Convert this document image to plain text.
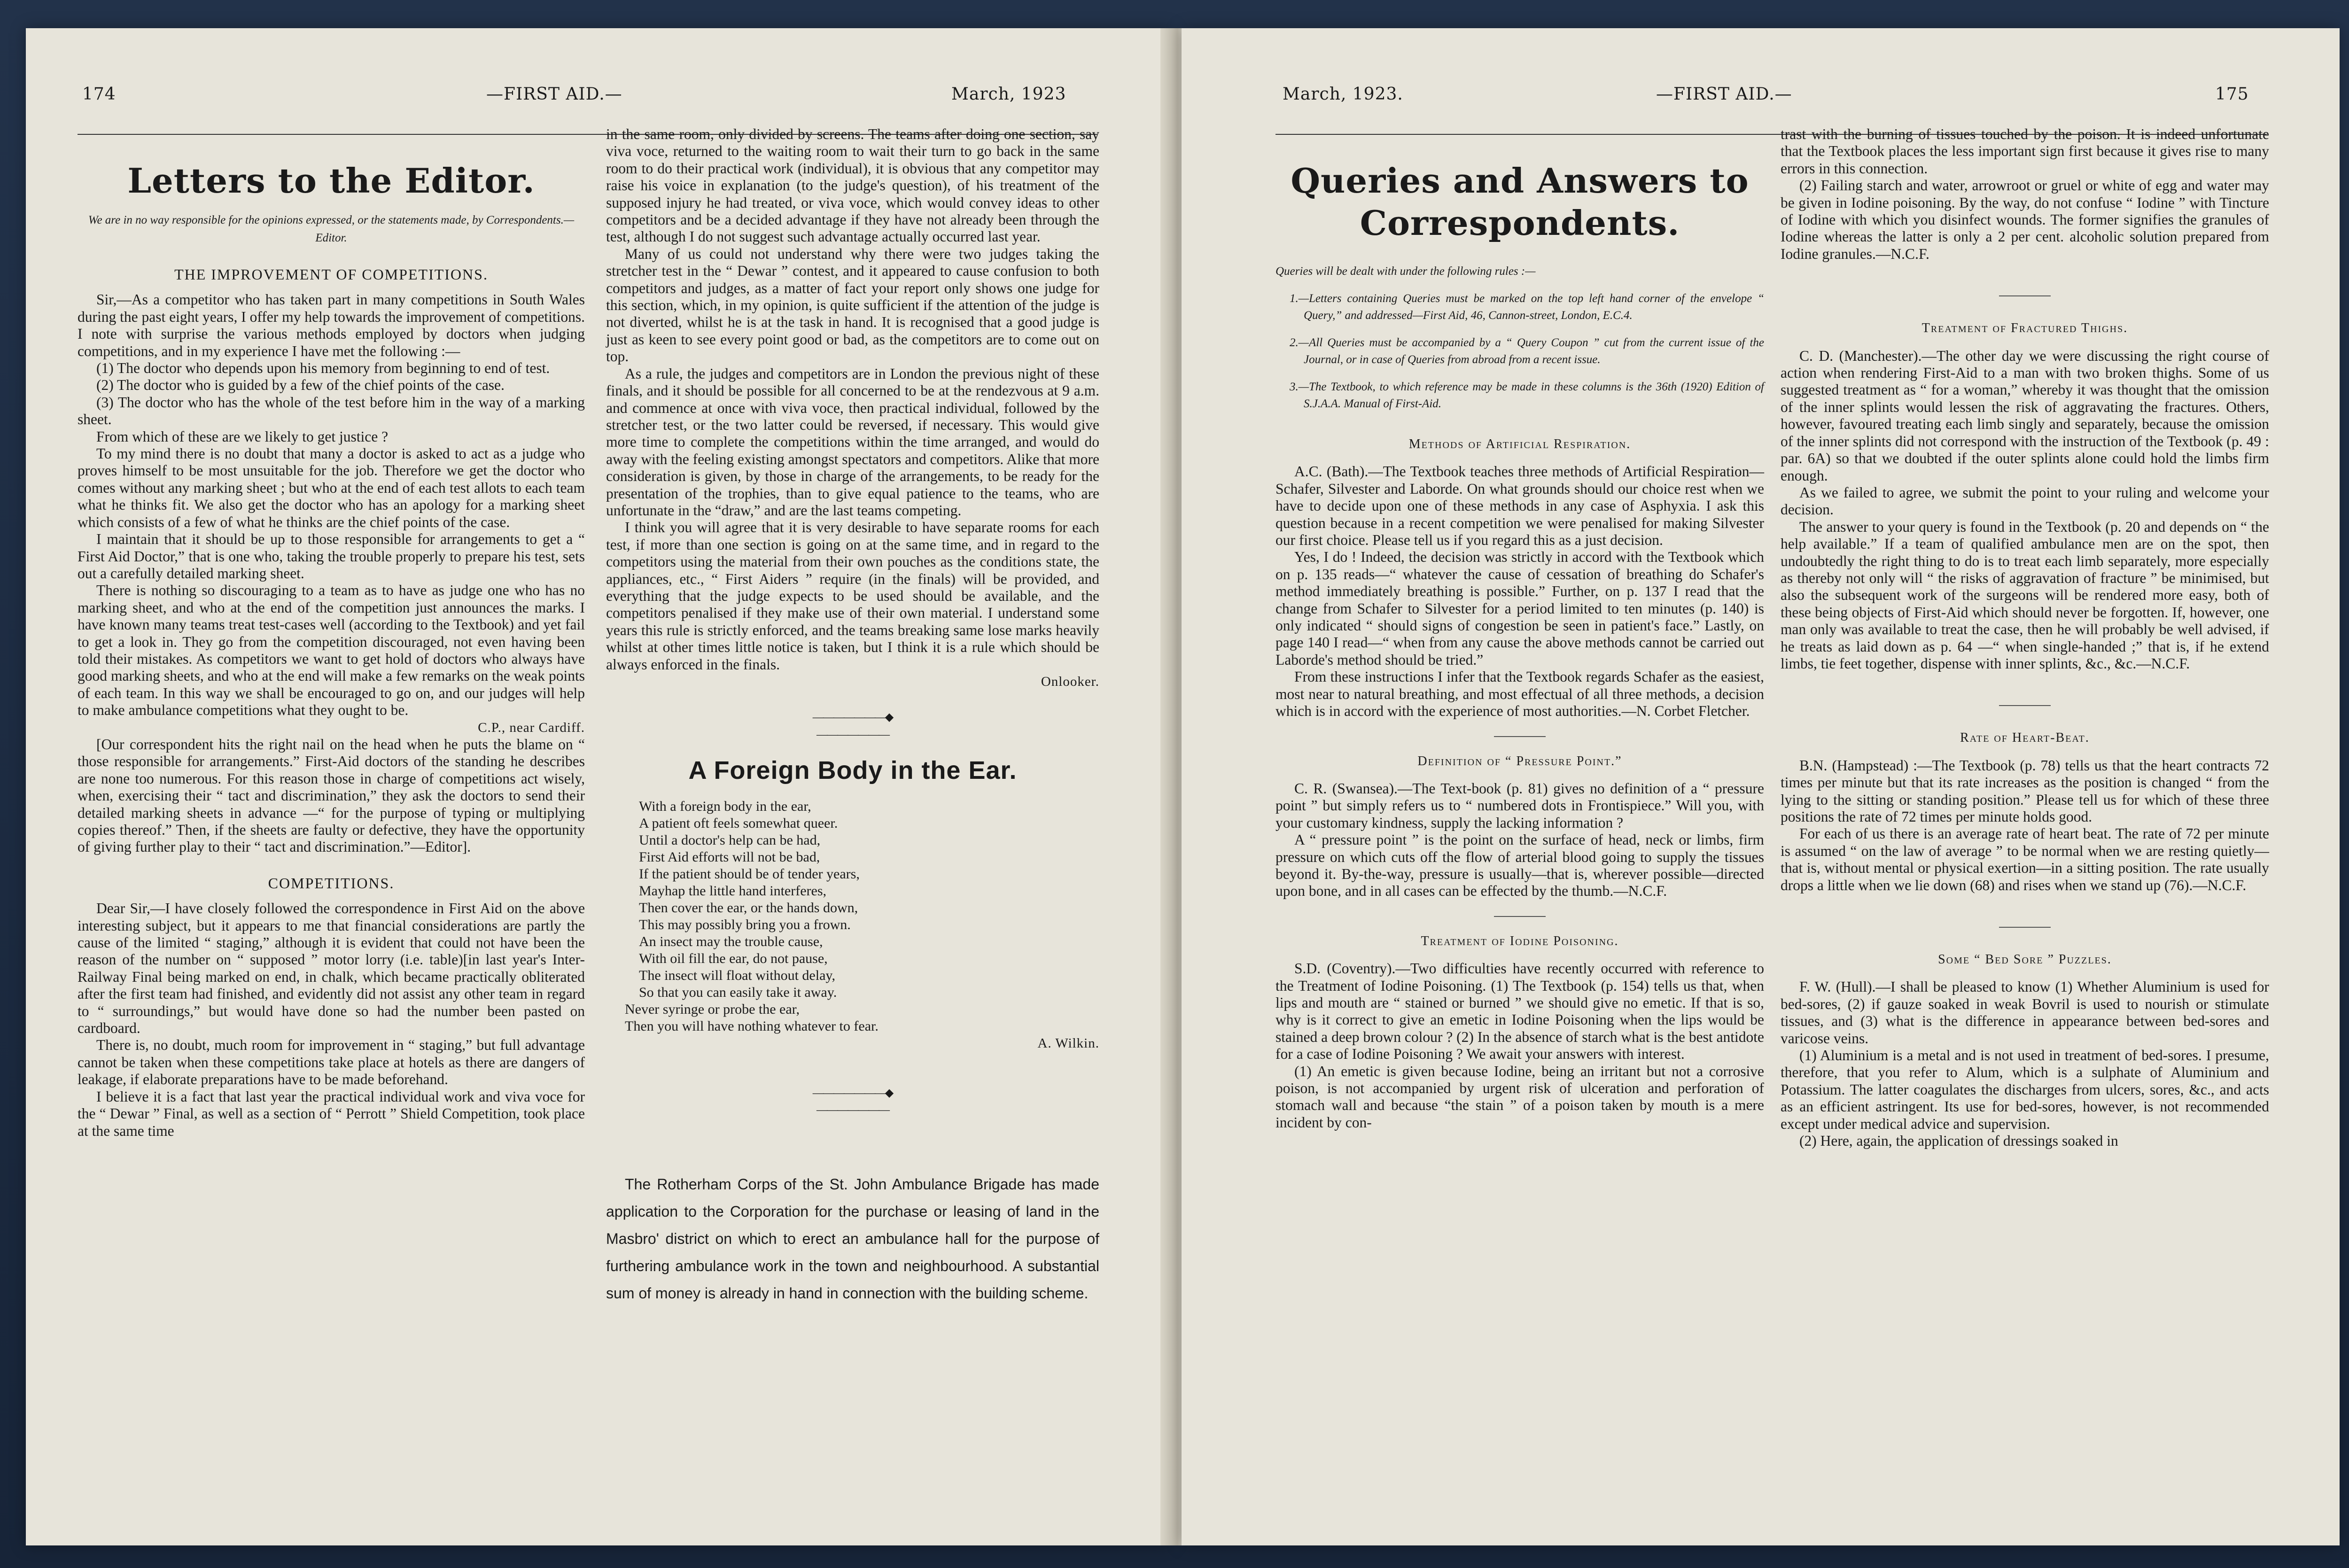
174	—FIRST AID.—	March, 1923
Letters to the Editor.
We are in no way responsible for the opinions expressed, or the statements made, by Correspondents.—Editor.
THE IMPROVEMENT OF COMPETITIONS.

Sir,—As a competitor who has taken part in many competitions in South Wales during the past eight years, I offer my help towards the improvement of competitions. I note with surprise the various methods employed by doctors when judging competitions, and in my experience I have met the following :—

(1) The doctor who depends upon his memory from beginning to end of test.

(2) The doctor who is guided by a few of the chief points of the case.

(3) The doctor who has the whole of the test before him in the way of a marking sheet.

From which of these are we likely to get justice ?

To my mind there is no doubt that many a doctor is asked to act as a judge who proves himself to be most unsuitable for the job. Therefore we get the doctor who comes without any marking sheet ; but who at the end of each test allots to each team what he thinks fit. We also get the doctor who has an apology for a marking sheet which consists of a few of what he thinks are the chief points of the case.

I maintain that it should be up to those responsible for arrangements to get a “ First Aid Doctor,” that is one who, taking the trouble properly to prepare his test, sets out a carefully detailed marking sheet.

There is nothing so discouraging to a team as to have as judge one who has no marking sheet, and who at the end of the competition just announces the marks. I have known many teams treat test-cases well (according to the Textbook) and yet fail to get a look in. They go from the competition discouraged, not even having been told their mistakes. As competitors we want to get hold of doctors who always have good marking sheets, and who at the end will make a few remarks on the weak points of each team. In this way we shall be encouraged to go on, and our judges will help to make ambulance competitions what they ought to be.

C.P., near Cardiff.

[Our correspondent hits the right nail on the head when he puts the blame on “ those responsible for arrangements.” First-Aid doctors of the standing he describes are none too numerous. For this reason those in charge of competitions act wisely, when, exercising their “ tact and discrimination,” they ask the doctors to send their detailed marking sheets in advance —“ for the purpose of typing or multiplying copies thereof.” Then, if the sheets are faulty or defective, they have the opportunity of giving further play to their “ tact and discrimination.”—Editor].

COMPETITIONS.

Dear Sir,—I have closely followed the correspondence in First Aid on the above interesting subject, but it appears to me that financial considerations are partly the cause of the limited “ staging,” although it is evident that could not have been the reason of the number on “ supposed ” motor lorry (i.e. table)[in last year's Inter-Railway Final being marked on end, in chalk, which became practically obliterated after the first team had finished, and evidently did not assist any other team in regard to “ surroundings,” but would have done so had the number been pasted on cardboard.

There is, no doubt, much room for improvement in “ staging,” but full advantage cannot be taken when these competitions take place at hotels as there are dangers of leakage, if elaborate preparations have to be made beforehand.

I believe it is a fact that last year the practical individual work and viva voce for the “ Dewar ” Final, as well as a section of “ Perrott ” Shield Competition, took place at the same time

in the same room, only divided by screens. The teams after doing one section, say viva voce, returned to the waiting room to wait their turn to go back in the same room to do their practical work (individual), it is obvious that any competitor may raise his voice in explanation (to the judge's question), of his treatment of the supposed injury he had treated, or viva voce, which would convey ideas to other competitors and be a decided advantage if they have not already been through the test, although I do not suggest such advantage actually occurred last year.

Many of us could not understand why there were two judges taking the stretcher test in the “ Dewar ” contest, and it appeared to cause confusion to both competitors and judges, as a matter of fact your report only shows one judge for this section, which, in my opinion, is quite sufficient if the attention of the judge is not diverted, whilst he is at the task in hand. It is recognised that a good judge is just as keen to see every point good or bad, as the competitors are to come out on top.

As a rule, the judges and competitors are in London the previous night of these finals, and it should be possible for all concerned to be at the rendezvous at 9 a.m. and commence at once with viva voce, then practical individual, followed by the stretcher test, or the two latter could be reversed, if necessary. This would give more time to complete the competitions within the time arranged, and would do away with the feeling existing amongst spectators and competitors. Alike that more consideration is given, by those in charge of the arrangements, to be ready for the presentation of the trophies, than to give equal patience to the teams, who are unfortunate in the “draw,” and are the last teams competing.

I think you will agree that it is very desirable to have separate rooms for each test, if more than one section is going on at the same time, and in regard to the competitors using the material from their own pouches as the conditions state, the appliances, etc., “ First Aiders ” require (in the finals) will be provided, and everything that the judge expects to be used should be available, and the competitors penalised if they make use of their own material. I understand some years this rule is strictly enforced, and the teams breaking same lose marks heavily whilst at other times little notice is taken, but I think it is a rule which should be always enforced in the finals.

Onlooker.
———————◆———————
A Foreign Body in the Ear.
With a foreign body in the ear,
A patient oft feels somewhat queer.
Until a doctor's help can be had,
First Aid efforts will not be bad,
If the patient should be of tender years,
Mayhap the little hand interferes,
Then cover the ear, or the hands down,
This may possibly bring you a frown.
An insect may the trouble cause,
With oil fill the ear, do not pause,
The insect will float without delay,
So that you can easily take it away.
Never syringe or probe the ear,
Then you will have nothing whatever to fear.
A. Wilkin.
———————◆———————

The Rotherham Corps of the St. John Ambulance Brigade has made application to the Corporation for the purchase or leasing of land in the Masbro' district on which to erect an ambulance hall for the purpose of furthering ambulance work in the town and neighbourhood. A substantial sum of money is already in hand in connection with the building scheme.

March, 1923.	—FIRST AID.—	175
Queries and Answers to
Correspondents.

Queries will be dealt with under the following rules :—

1.—Letters containing Queries must be marked on the top left hand corner of the envelope “ Query,” and addressed—First Aid, 46, Cannon-street, London, E.C.4.

2.—All Queries must be accompanied by a “ Query Coupon ” cut from the current issue of the Journal, or in case of Queries from abroad from a recent issue.

3.—The Textbook, to which reference may be made in these columns is the 36th (1920) Edition of S.J.A.A. Manual of First-Aid.

Methods of Artificial Respiration.

A.C. (Bath).—The Textbook teaches three methods of Artificial Respiration—Schafer, Silvester and Laborde. On what grounds should our choice rest when we have to decide upon one of these methods in any case of Asphyxia. I ask this question because in a recent competition we were penalised for making Silvester our first choice. Please tell us if you regard this as a just decision.

Yes, I do ! Indeed, the decision was strictly in accord with the Textbook which on p. 135 reads—“ whatever the cause of cessation of breathing do Schafer's method immediately breathing is possible.” Further, on p. 137 I read that the change from Schafer to Silvester for a period limited to ten minutes (p. 140) is only indicated “ should signs of congestion be seen in patient's face.” Lastly, on page 140 I read—“ when from any cause the above methods cannot be carried out Laborde's method should be tried.”

From these instructions I infer that the Textbook regards Schafer as the easiest, most near to natural breathing, and most effectual of all three methods, a decision which is in accord with the experience of most authorities.—N. Corbet Fletcher.

Definition of “ Pressure Point.”

C. R. (Swansea).—The Text-book (p. 81) gives no definition of a “ pressure point ” but simply refers us to “ numbered dots in Frontispiece.” Will you, with your customary kindness, supply the lacking information ?

A “ pressure point ” is the point on the surface of head, neck or limbs, firm pressure on which cuts off the flow of arterial blood going to supply the tissues beyond it. By-the-way, pressure is usually—that is, wherever possible—directed upon bone, and in all cases can be effected by the thumb.—N.C.F.

Treatment of Iodine Poisoning.

S.D. (Coventry).—Two difficulties have recently occurred with reference to the Treatment of Iodine Poisoning. (1) The Textbook (p. 154) tells us that, when lips and mouth are “ stained or burned ” we should give no emetic. If that is so, why is it correct to give an emetic in Iodine Poisoning when the lips would be stained a deep brown colour ? (2) In the absence of starch what is the best antidote for a case of Iodine Poisoning ? We await your answers with interest.

(1) An emetic is given because Iodine, being an irritant but not a corrosive poison, is not accompanied by urgent risk of ulceration and perforation of stomach wall and because “the stain ” of a poison taken by mouth is a mere incident by con-

trast with the burning of tissues touched by the poison. It is indeed unfortunate that the Textbook places the less important sign first because it gives rise to many errors in this connection.

(2) Failing starch and water, arrowroot or gruel or white of egg and water may be given in Iodine poisoning. By the way, do not confuse “ Iodine ” with Tincture of Iodine with which you disinfect wounds. The former signifies the granules of Iodine whereas the latter is only a 2 per cent. alcoholic solution prepared from Iodine granules.—N.C.F.

Treatment of Fractured Thighs.

C. D. (Manchester).—The other day we were discussing the right course of action when rendering First-Aid to a man with two broken thighs. Some of us suggested treatment as “ for a woman,” whereby it was thought that the omission of the inner splints would lessen the risk of aggravating the fractures. Others, however, favoured treating each limb singly and separately, because the omission of the inner splints did not correspond with the instruction of the Textbook (p. 49 : par. 6A) so that we doubted if the outer splints alone could hold the limbs firm enough.

As we failed to agree, we submit the point to your ruling and welcome your decision.

The answer to your query is found in the Textbook (p. 20 and depends on “ the help available.” If a team of qualified ambulance men are on the spot, then undoubtedly the right thing to do is to treat each limb separately, more especially as thereby not only will “ the risks of aggravation of fracture ” be minimised, but also the subsequent work of the surgeons will be rendered more easy, both of these being objects of First-Aid which should never be forgotten. If, however, one man only was available to treat the case, then he will probably be well advised, if he treats as laid down as p. 64 —“ when single-handed ;” that is, if he extend limbs, tie feet together, dispense with inner splints, &c., &c.—N.C.F.

Rate of Heart-Beat.

B.N. (Hampstead) :—The Textbook (p. 78) tells us that the heart contracts 72 times per minute but that its rate increases as the position is changed “ from the lying to the sitting or standing position.” Please tell us for which of these three positions the rate of 72 times per minute holds good.

For each of us there is an average rate of heart beat. The rate of 72 per minute is assumed “ on the law of average ” to be normal when we are resting quietly—that is, without mental or physical exertion—in a sitting position. The rate usually drops a little when we lie down (68) and rises when we stand up (76).—N.C.F.

Some “ Bed Sore ” Puzzles.

F. W. (Hull).—I shall be pleased to know (1) Whether Aluminium is used for bed-sores, (2) if gauze soaked in weak Bovril is used to nourish or stimulate tissues, and (3) what is the difference in appearance between bed-sores and varicose veins.

(1) Aluminium is a metal and is not used in treatment of bed-sores. I presume, therefore, that you refer to Alum, which is a sulphate of Aluminium and Potassium. The latter coagulates the discharges from ulcers, sores, &c., and acts as an efficient astringent. Its use for bed-sores, however, is not recommended except under medical advice and supervision.

(2) Here, again, the application of dressings soaked in
